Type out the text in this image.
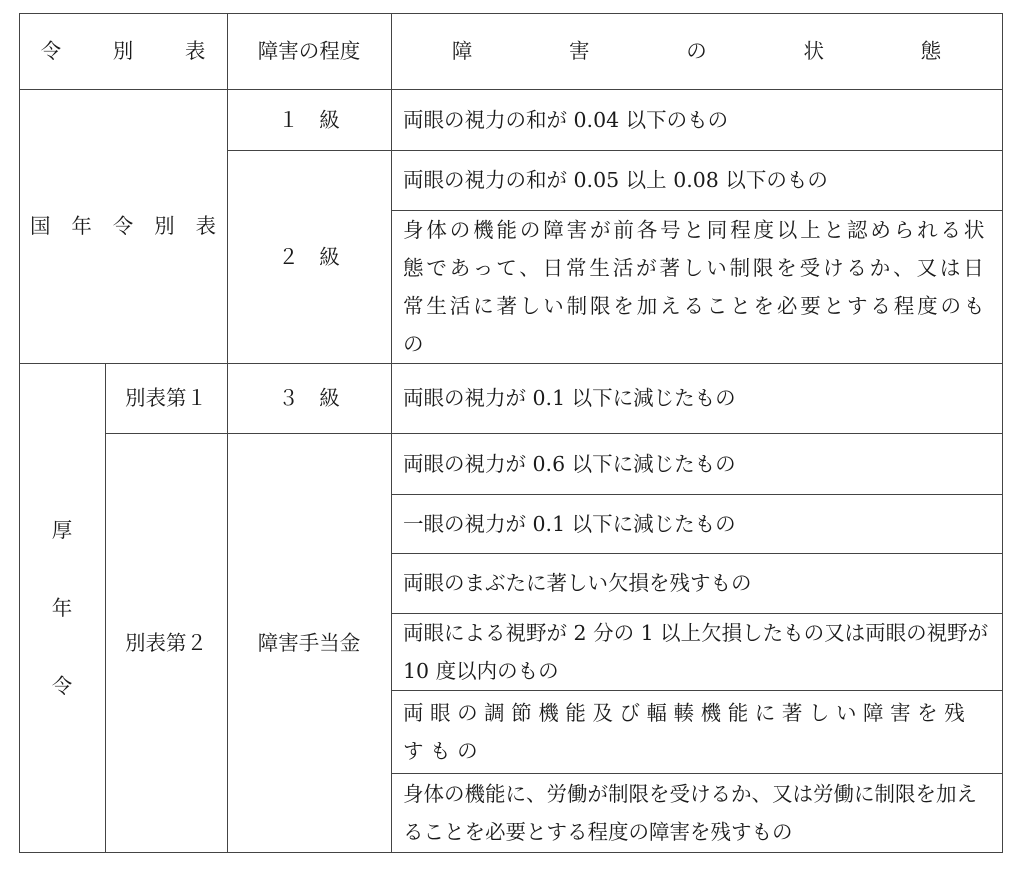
令 別 表 障害の程度	障 害 の 状 態
国 年 令 別 表
１　級
２　級
両眼の視力の和が 0.04 以下のもの
両眼の視力の和が 0.05 以上 0.08 以下のもの
身体の機能の障害が前各号と同程度以上と認められる状態であって、日常生活が著しい制限を受けるか、又は日常生活に著しい制限を加えることを必要とする程度のもの
厚
年
令
別表第１
別表第２
３　級
障害手当金
両眼の視力が 0.1 以下に減じたもの
両眼の視力が 0.6 以下に減じたもの
一眼の視力が 0.1 以下に減じたもの
両眼のまぶたに著しい欠損を残すもの
両眼による視野が 2 分の 1 以上欠損したもの又は両眼の視野が 10 度以内のもの
両眼の調節機能及び輻輳機能に著しい障害を残すもの
身体の機能に、労働が制限を受けるか、又は労働に制限を加えることを必要とする程度の障害を残すもの
